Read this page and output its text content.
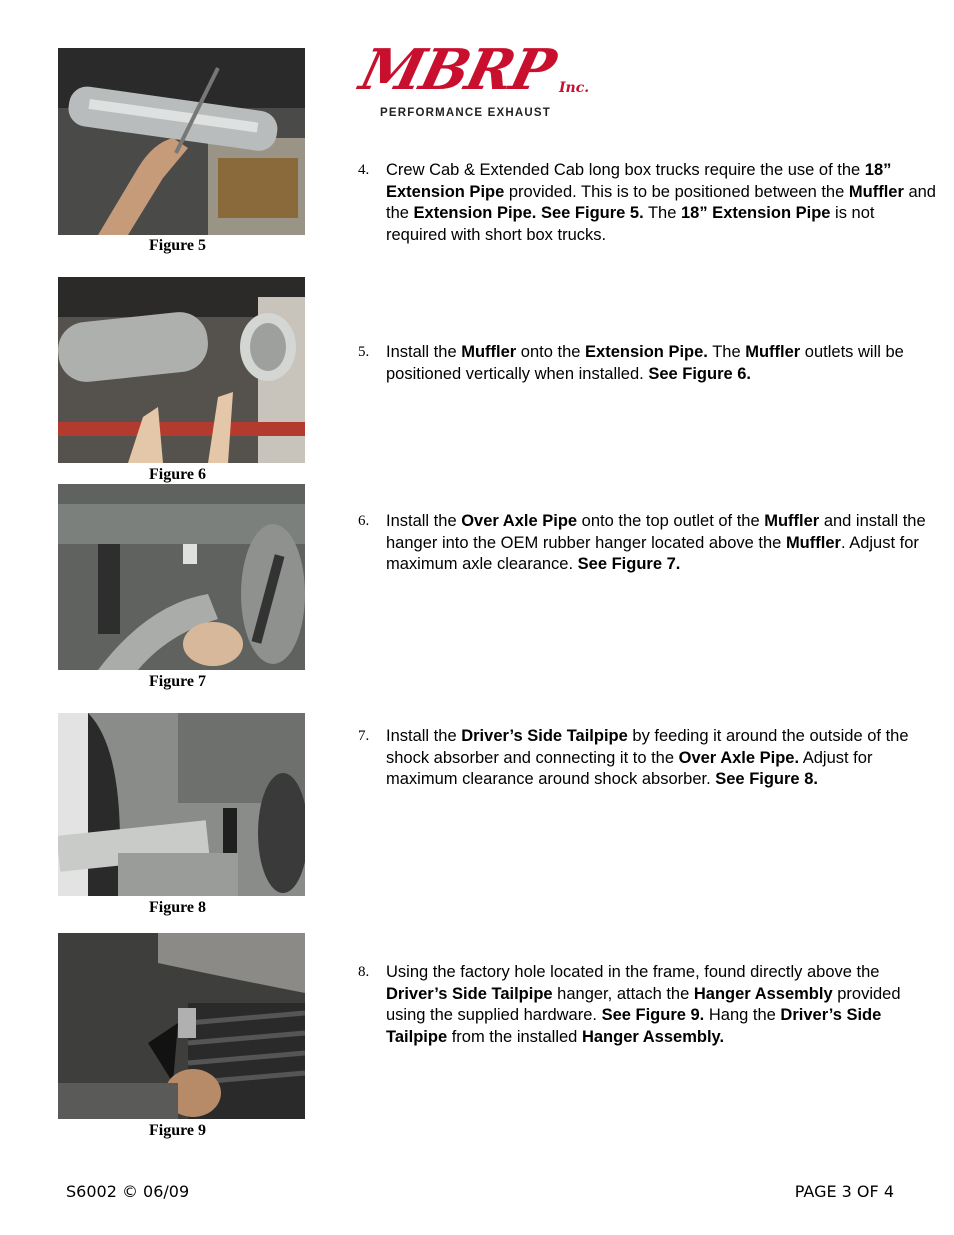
MBRP
Inc.
PERFORMANCE EXHAUST
Figure 5
Figure 6
Figure 7
Figure 8
Figure 9
4. Crew Cab & Extended Cab long box trucks require the use of the 18” Extension Pipe provided. This is to be positioned between the Muffler and the Extension Pipe. See Figure 5. The 18” Extension Pipe is not required with short box trucks.
5. Install the Muffler onto the Extension Pipe. The Muffler outlets will be positioned vertically when installed. See Figure 6.
6. Install the Over Axle Pipe onto the top outlet of the Muffler and install the hanger into the OEM rubber hanger located above the Muffler. Adjust for maximum axle clearance. See Figure 7.
7. Install the Driver’s Side Tailpipe by feeding it around the outside of the shock absorber and connecting it to the Over Axle Pipe. Adjust for maximum clearance around shock absorber. See Figure 8.
8. Using the factory hole located in the frame, found directly above the Driver’s Side Tailpipe hanger, attach the Hanger Assembly provided using the supplied hardware. See Figure 9. Hang the Driver’s Side Tailpipe from the installed Hanger Assembly.
S6002 © 06/09	PAGE 3 OF 4
